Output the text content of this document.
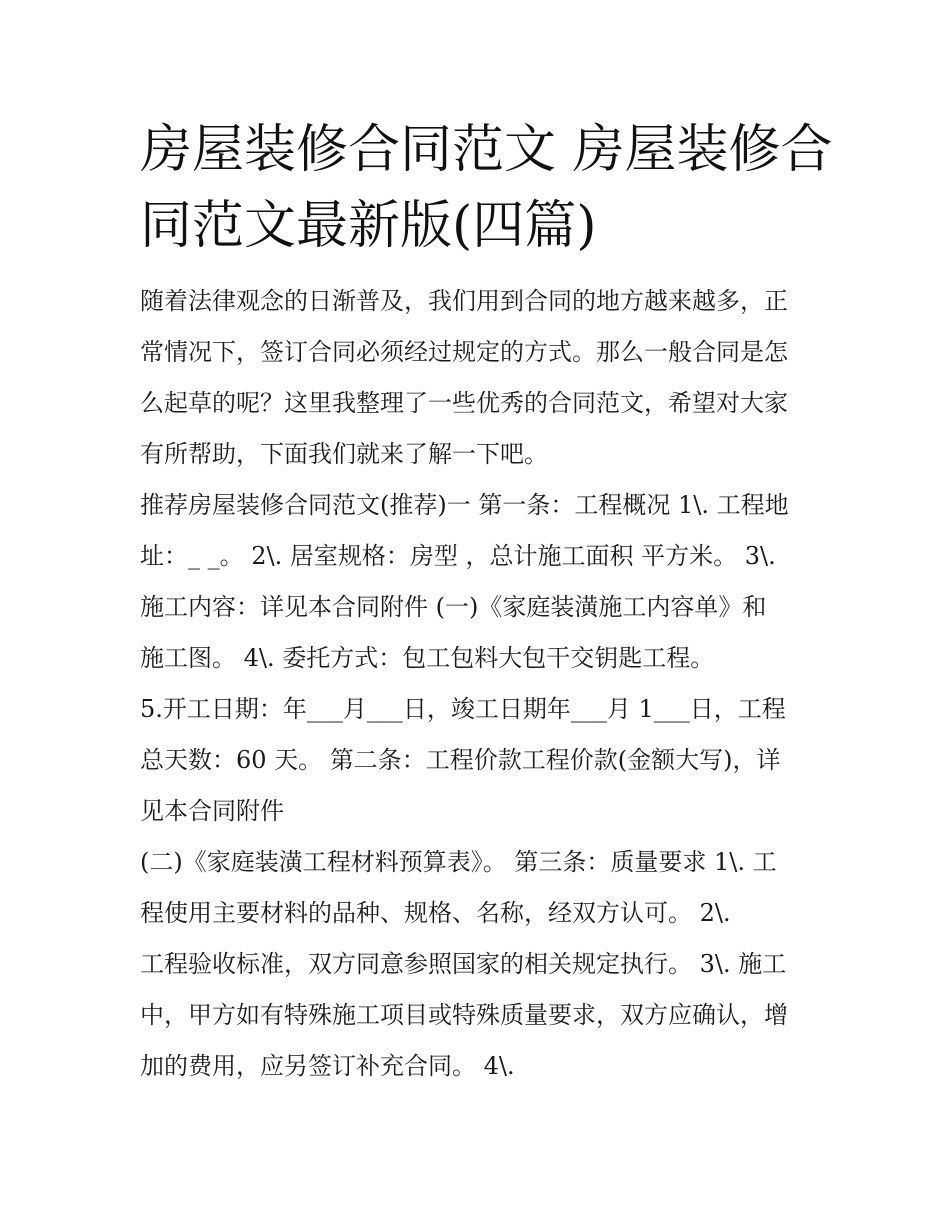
房屋装修合同范文 房屋装修合
同范文最新版(四篇)

随着法律观念的日渐普及，我们用到合同的地方越来越多，正
常情况下，签订合同必须经过规定的方式。那么一般合同是怎
么起草的呢？这里我整理了一些优秀的合同范文，希望对大家
有所帮助，下面我们就来了解一下吧。

推荐房屋装修合同范文(推荐)一 第一条：工程概况 1\. 工程地
址：_ _。 2\. 居室规格：房型 ，总计施工面积 平方米。 3\.
施工内容：详见本合同附件 (一)《家庭装潢施工内容单》和
施工图。 4\. 委托方式：包工包料大包干交钥匙工程。

5.开工日期：年___月___日，竣工日期年___月 1___日，工程
总天数：60 天。 第二条：工程价款工程价款(金额大写)，详
见本合同附件

(二)《家庭装潢工程材料预算表》。 第三条：质量要求 1\. 工
程使用主要材料的品种、规格、名称，经双方认可。 2\.
工程验收标准，双方同意参照国家的相关规定执行。 3\. 施工
中，甲方如有特殊施工项目或特殊质量要求，双方应确认，增
加的费用，应另签订补充合同。 4\.
